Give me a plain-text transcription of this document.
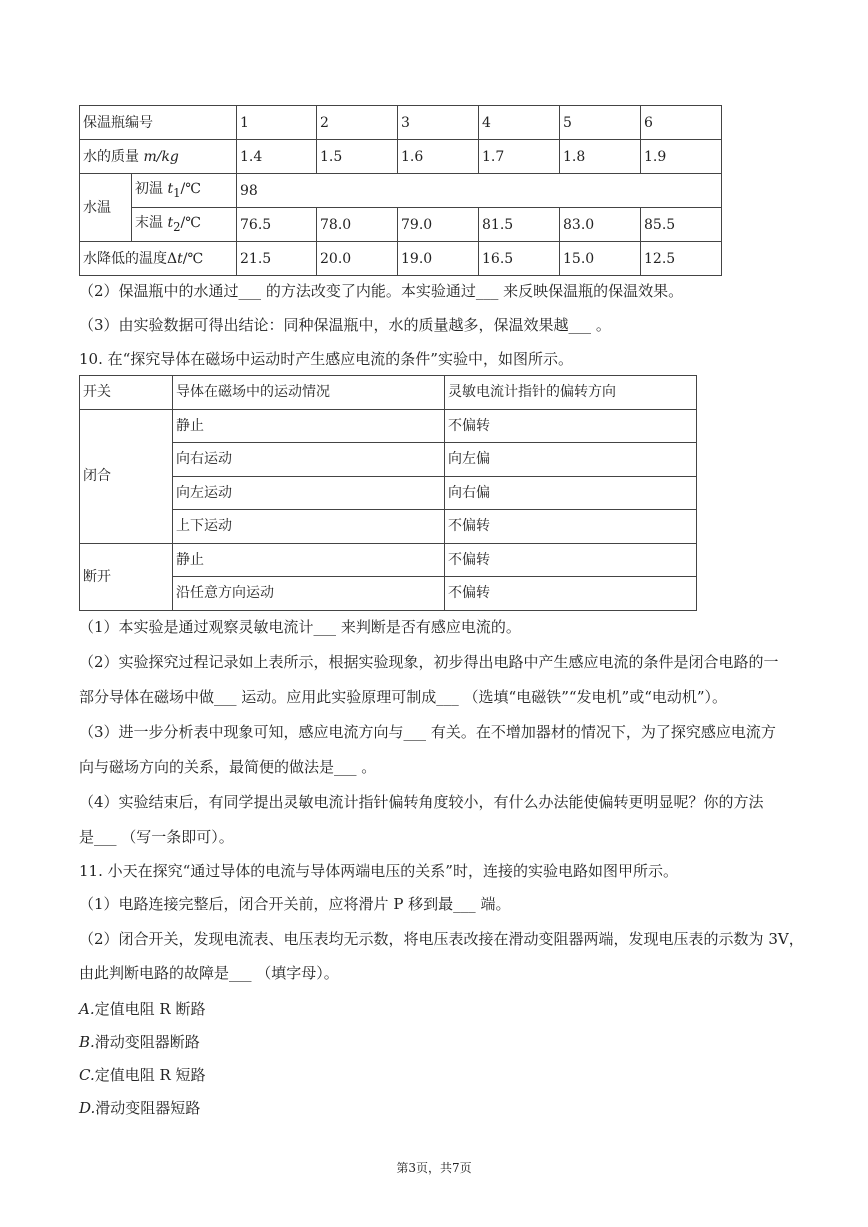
保温瓶编号		1	2	3	4	5	6
水的质量 m/kg		1.4	1.5	1.6	1.7	1.8	1.9
水温	初温 $t_1/℃$	98					
	末温 $t_2/℃$	76.5	78.0	79.0	81.5	83.0	85.5
水降低的温度Δt/℃		21.5	20.0	19.0	16.5	15.0	12.5
（2）保温瓶中的水通过___ 的方法改变了内能。本实验通过___ 来反映保温瓶的保温效果。
（3）由实验数据可得出结论：同种保温瓶中，水的质量越多，保温效果越___ 。
10. 在“探究导体在磁场中运动时产生感应电流的条件”实验中，如图所示。
开关	导体在磁场中的运动情况	灵敏电流计指针的偏转方向
闭合	静止	不偏转
	向右运动	向左偏
	向左运动	向右偏
	上下运动	不偏转
断开	静止	不偏转
	沿任意方向运动	不偏转
（1）本实验是通过观察灵敏电流计___ 来判断是否有感应电流的。
（2）实验探究过程记录如上表所示，根据实验现象，初步得出电路中产生感应电流的条件是闭合电路的一
部分导体在磁场中做___ 运动。应用此实验原理可制成___ （选填“电磁铁”“发电机”或“电动机”）。
（3）进一步分析表中现象可知，感应电流方向与___ 有关。在不增加器材的情况下，为了探究感应电流方
向与磁场方向的关系，最简便的做法是___ 。
（4）实验结束后，有同学提出灵敏电流计指针偏转角度较小，有什么办法能使偏转更明显呢？你的方法
是___ （写一条即可）。
11. 小天在探究“通过导体的电流与导体两端电压的关系”时，连接的实验电路如图甲所示。
（1）电路连接完整后，闭合开关前，应将滑片 P 移到最___ 端。
（2）闭合开关，发现电流表、电压表均无示数，将电压表改接在滑动变阻器两端，发现电压表的示数为 3V，
由此判断电路的故障是___ （填字母）。
A.定值电阻 R 断路
B.滑动变阻器断路
C.定值电阻 R 短路
D.滑动变阻器短路
第3页，共7页
